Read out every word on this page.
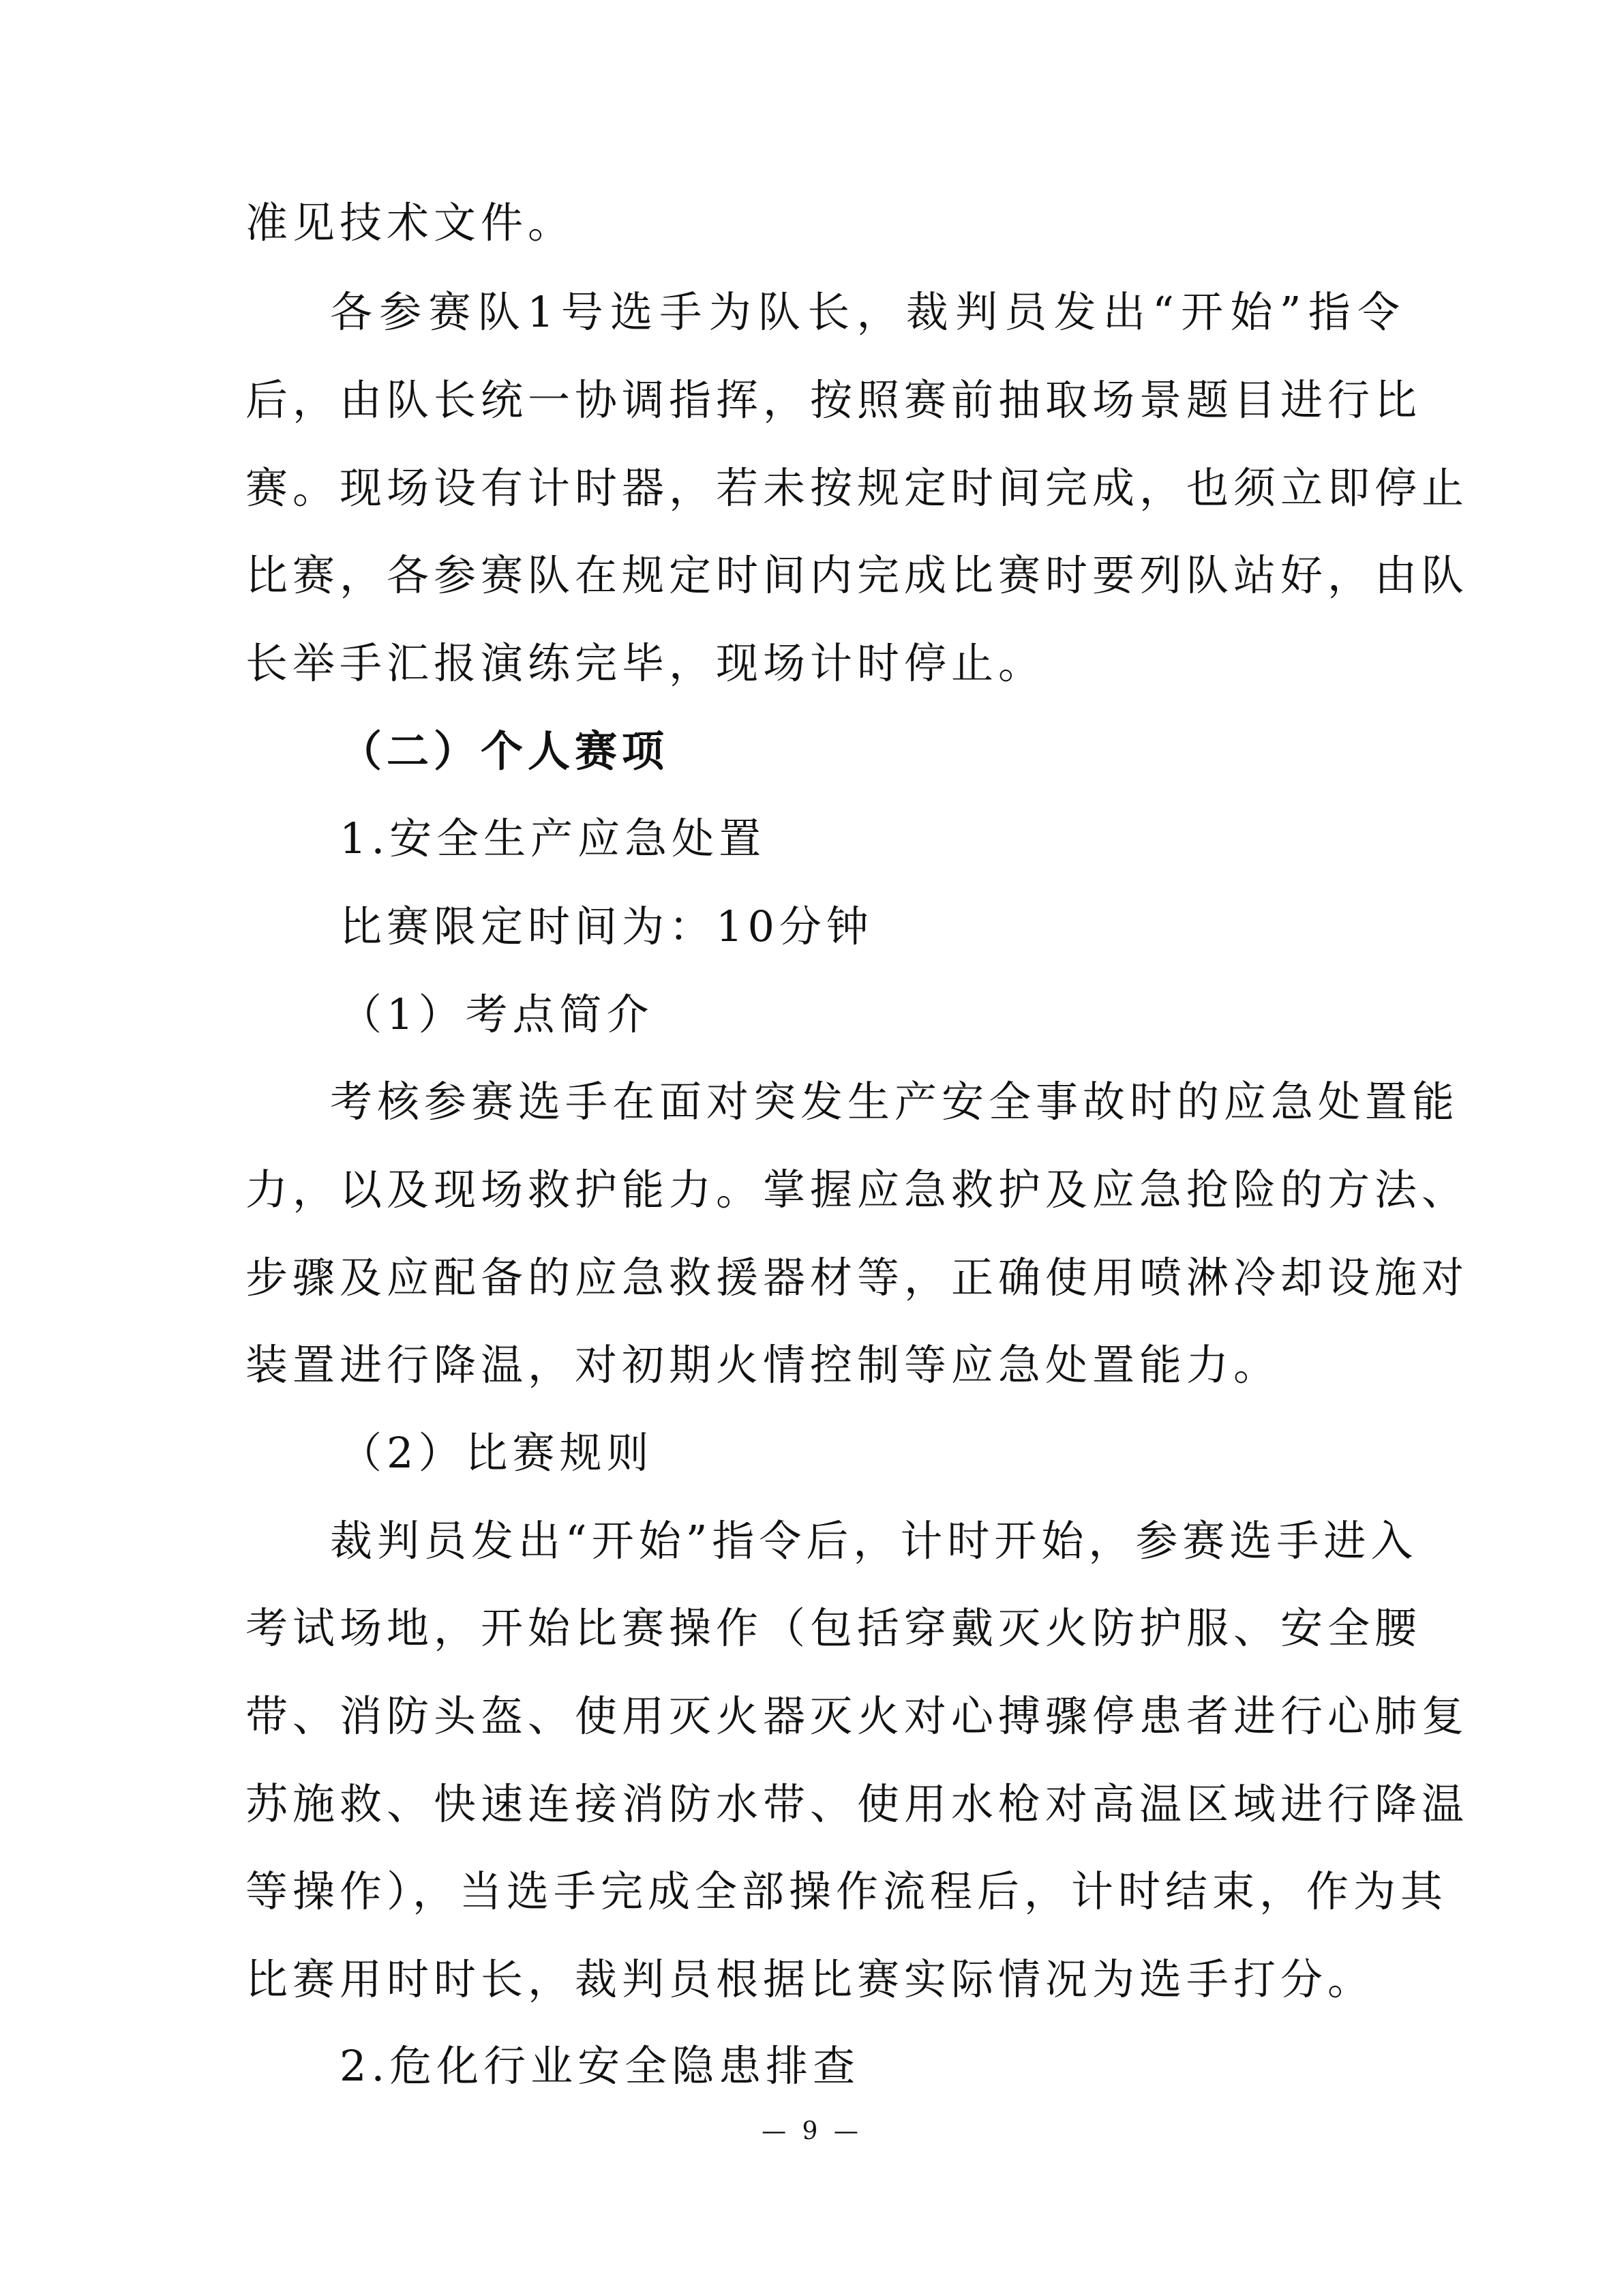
准见技术文件。
各参赛队1号选手为队长，裁判员发出“开始”指令
后，由队长统一协调指挥，按照赛前抽取场景题目进行比
赛。现场设有计时器，若未按规定时间完成，也须立即停止
比赛，各参赛队在规定时间内完成比赛时要列队站好，由队
长举手汇报演练完毕，现场计时停止。
（二）个人赛项
1.安全生产应急处置
比赛限定时间为：10分钟
（1）考点简介
考核参赛选手在面对突发生产安全事故时的应急处置能
力，以及现场救护能力。掌握应急救护及应急抢险的方法、
步骤及应配备的应急救援器材等，正确使用喷淋冷却设施对
装置进行降温，对初期火情控制等应急处置能力。
（2）比赛规则
裁判员发出“开始”指令后，计时开始，参赛选手进入
考试场地，开始比赛操作（包括穿戴灭火防护服、安全腰
带、消防头盔、使用灭火器灭火对心搏骤停患者进行心肺复
苏施救、快速连接消防水带、使用水枪对高温区域进行降温
等操作），当选手完成全部操作流程后，计时结束，作为其
比赛用时时长，裁判员根据比赛实际情况为选手打分。
2.危化行业安全隐患排查
— 9 —
